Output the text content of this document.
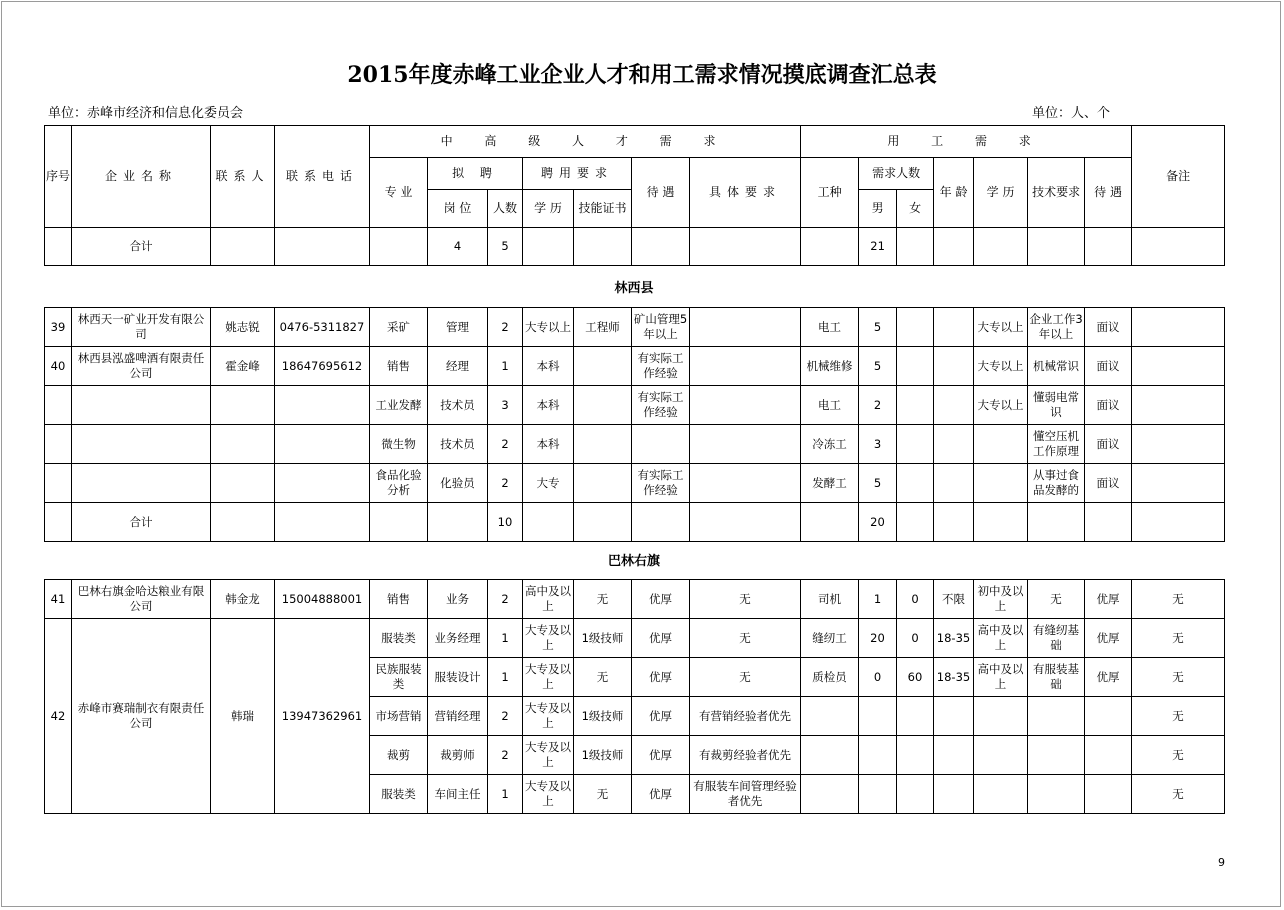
2015年度赤峰工业企业人才和用工需求情况摸底调查汇总表
单位：赤峰市经济和信息化委员会	单位：人、个
序号	企业名称	联系人	联系电话	中 高 级 人 才 需 求							用 工 需 求							备注
				专 业	拟 聘		聘用要求		待 遇	具体要求	工种	需求人数		年 龄	学 历	技术要求	待 遇	
					岗 位	人数	学 历	技能证书				男	女					
	合计				4	5						21						
林西县
39	林西天一矿业开发有限公司	姚志锐	0476-5311827	采矿	管理	2	大专以上	工程师	矿山管理5年以上		电工	5			大专以上	企业工作3年以上	面议	
40	林西县泓盛啤酒有限责任公司	霍金峰	18647695612	销售	经理	1	本科		有实际工作经验		机械维修	5			大专以上	机械常识	面议	
				工业发酵	技术员	3	本科		有实际工作经验		电工	2			大专以上	懂弱电常识	面议	
				微生物	技术员	2	本科				冷冻工	3				懂空压机工作原理	面议	
				食品化验分析	化验员	2	大专		有实际工作经验		发酵工	5				从事过食品发酵的	面议	
	合计					10						20						
巴林右旗
41	巴林右旗金哈达粮业有限公司	韩金龙	15004888001	销售	业务	2	高中及以上	无	优厚	无	司机	1	0	不限	初中及以上	无	优厚	无
42	赤峰市赛瑞制衣有限责任公司	韩瑞	13947362961	服装类	业务经理	1	大专及以上	1级技师	优厚	无	缝纫工	20	0	18-35	高中及以上	有缝纫基础	优厚	无
				民族服装类	服装设计	1	大专及以上	无	优厚	无	质检员	0	60	18-35	高中及以上	有服装基础	优厚	无
				市场营销	营销经理	2	大专及以上	1级技师	优厚	有营销经验者优先								无
				裁剪	裁剪师	2	大专及以上	1级技师	优厚	有裁剪经验者优先								无
				服装类	车间主任	1	大专及以上	无	优厚	有服装车间管理经验者优先								无
9
